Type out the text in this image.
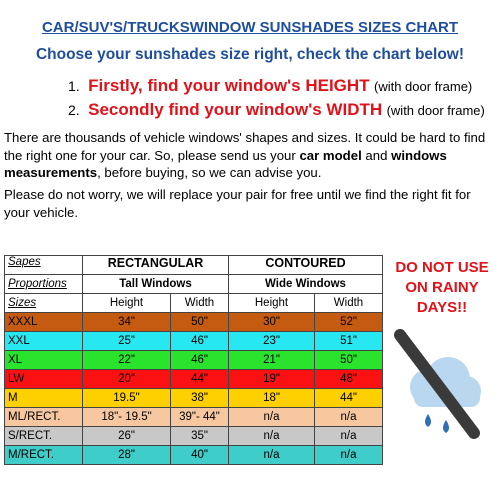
CAR/SUV'S/TRUCKSWINDOW SUNSHADES SIZES CHART
Choose your sunshades size right, check the chart below!
1. Firstly, find your window's HEIGHT (with door frame)
2. Secondly find your window's WIDTH (with door frame)
There are thousands of vehicle windows' shapes and sizes. It could be hard to find the right one for your car. So, please send us your car model and windows measurements, before buying, so we can advise you.
Please do not worry, we will replace your pair for free until we find the right fit for your vehicle.
Sapes	RECTANGULAR		CONTOURED	
Proportions	Tall Windows		Wide Windows	
Sizes	Height	Width	Height	Width
XXXL	34"	50"	30"	52"
XXL	25"	46"	23"	51"
XL	22"	46"	21"	50"
LW	20"	44"	19"	48"
M	19.5"	38"	18"	44"
ML/RECT.	18"- 19.5"	39"- 44"	n/a	n/a
S/RECT.	26"	35"	n/a	n/a
M/RECT.	28"	40"	n/a	n/a
DO NOT USE
ON RAINY
DAYS!!
